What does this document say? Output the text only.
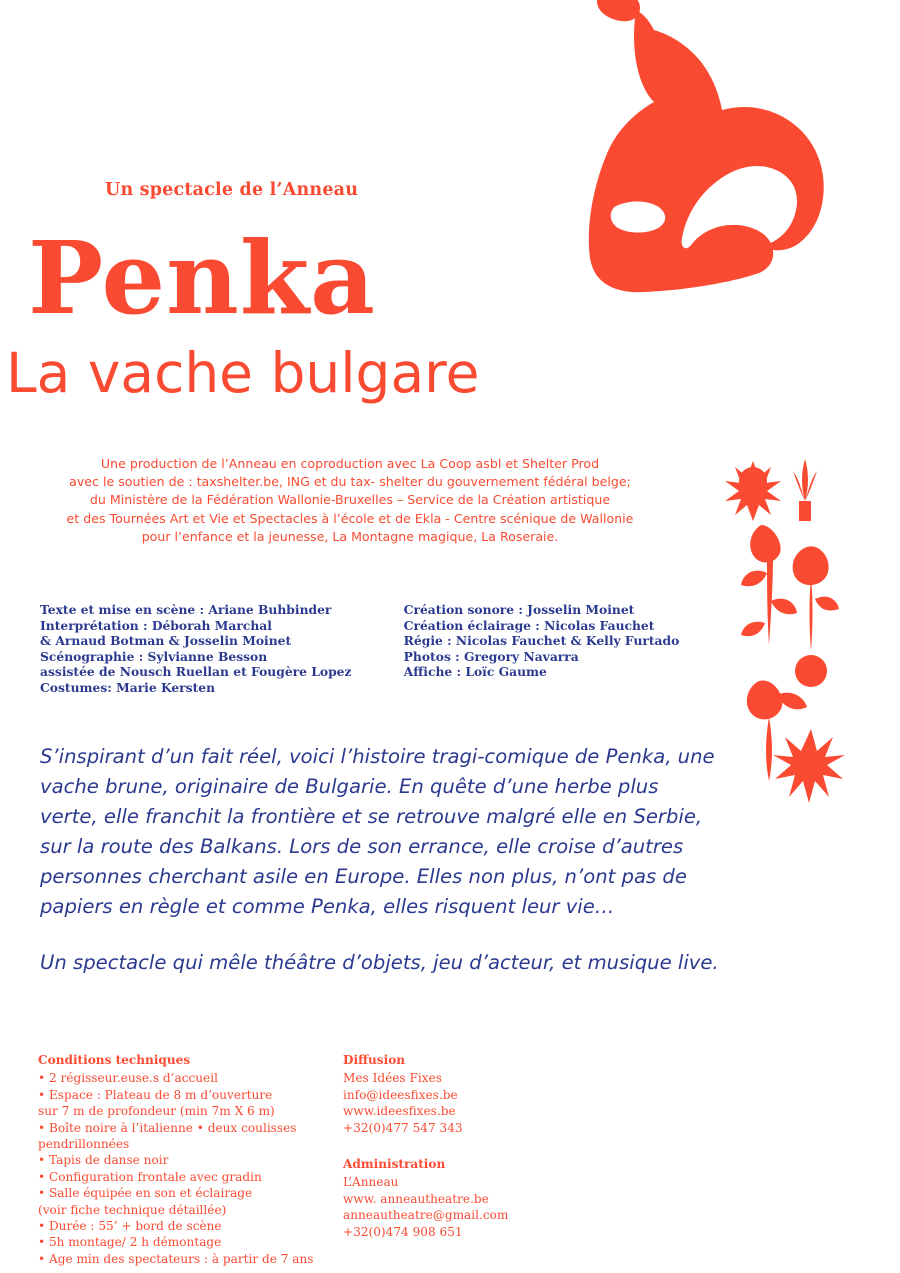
Un spectacle de l’Anneau
Penka
La vache bulgare
Une production de l’Anneau en coproduction avec La Coop asbl et Shelter Prod
avec le soutien de : taxshelter.be, ING et du tax- shelter du gouvernement fédéral belge;
du Ministère de la Fédération Wallonie-Bruxelles – Service de la Création artistique
et des Tournées Art et Vie et Spectacles à l’école et de Ekla - Centre scénique de Wallonie
pour l’enfance et la jeunesse, La Montagne magique, La Roseraie.
Texte et mise en scène : Ariane Buhbinder
Interprétation : Déborah Marchal
& Arnaud Botman & Josselin Moinet
Scénographie : Sylvianne Besson
assistée de Nousch Ruellan et Fougère Lopez
Costumes: Marie Kersten
Création sonore : Josselin Moinet
Création éclairage : Nicolas Fauchet
Régie : Nicolas Fauchet & Kelly Furtado
Photos : Gregory Navarra
Affiche : Loïc Gaume

S’inspirant d’un fait réel, voici l’histoire tragi-comique de Penka, une vache brune, originaire de Bulgarie. En quête d’une herbe plus verte, elle franchit la frontière et se retrouve malgré elle en Serbie, sur la route des Balkans. Lors de son errance, elle croise d’autres personnes cherchant asile en Europe. Elles non plus, n’ont pas de papiers en règle et comme Penka, elles risquent leur vie…

Un spectacle qui mêle théâtre d’objets, jeu d’acteur, et musique live.

Conditions techniques
• 2 régisseur.euse.s d’accueil
• Espace : Plateau de 8 m d’ouverture
sur 7 m de profondeur (min 7m X 6 m)
• Boîte noire à l’italienne • deux coulisses
pendrillonnées
• Tapis de danse noir
• Configuration frontale avec gradin
• Salle équipée en son et éclairage
(voir fiche technique détaillée)
• Durée : 55’ + bord de scène
• 5h montage/ 2 h démontage
• Age min des spectateurs : à partir de 7 ans
Diffusion
Mes Idées Fixes
info@ideesfixes.be
www.ideesfixes.be
+32(0)477 547 343
Administration
L’Anneau
www. anneautheatre.be
anneautheatre@gmail.com
+32(0)474 908 651
